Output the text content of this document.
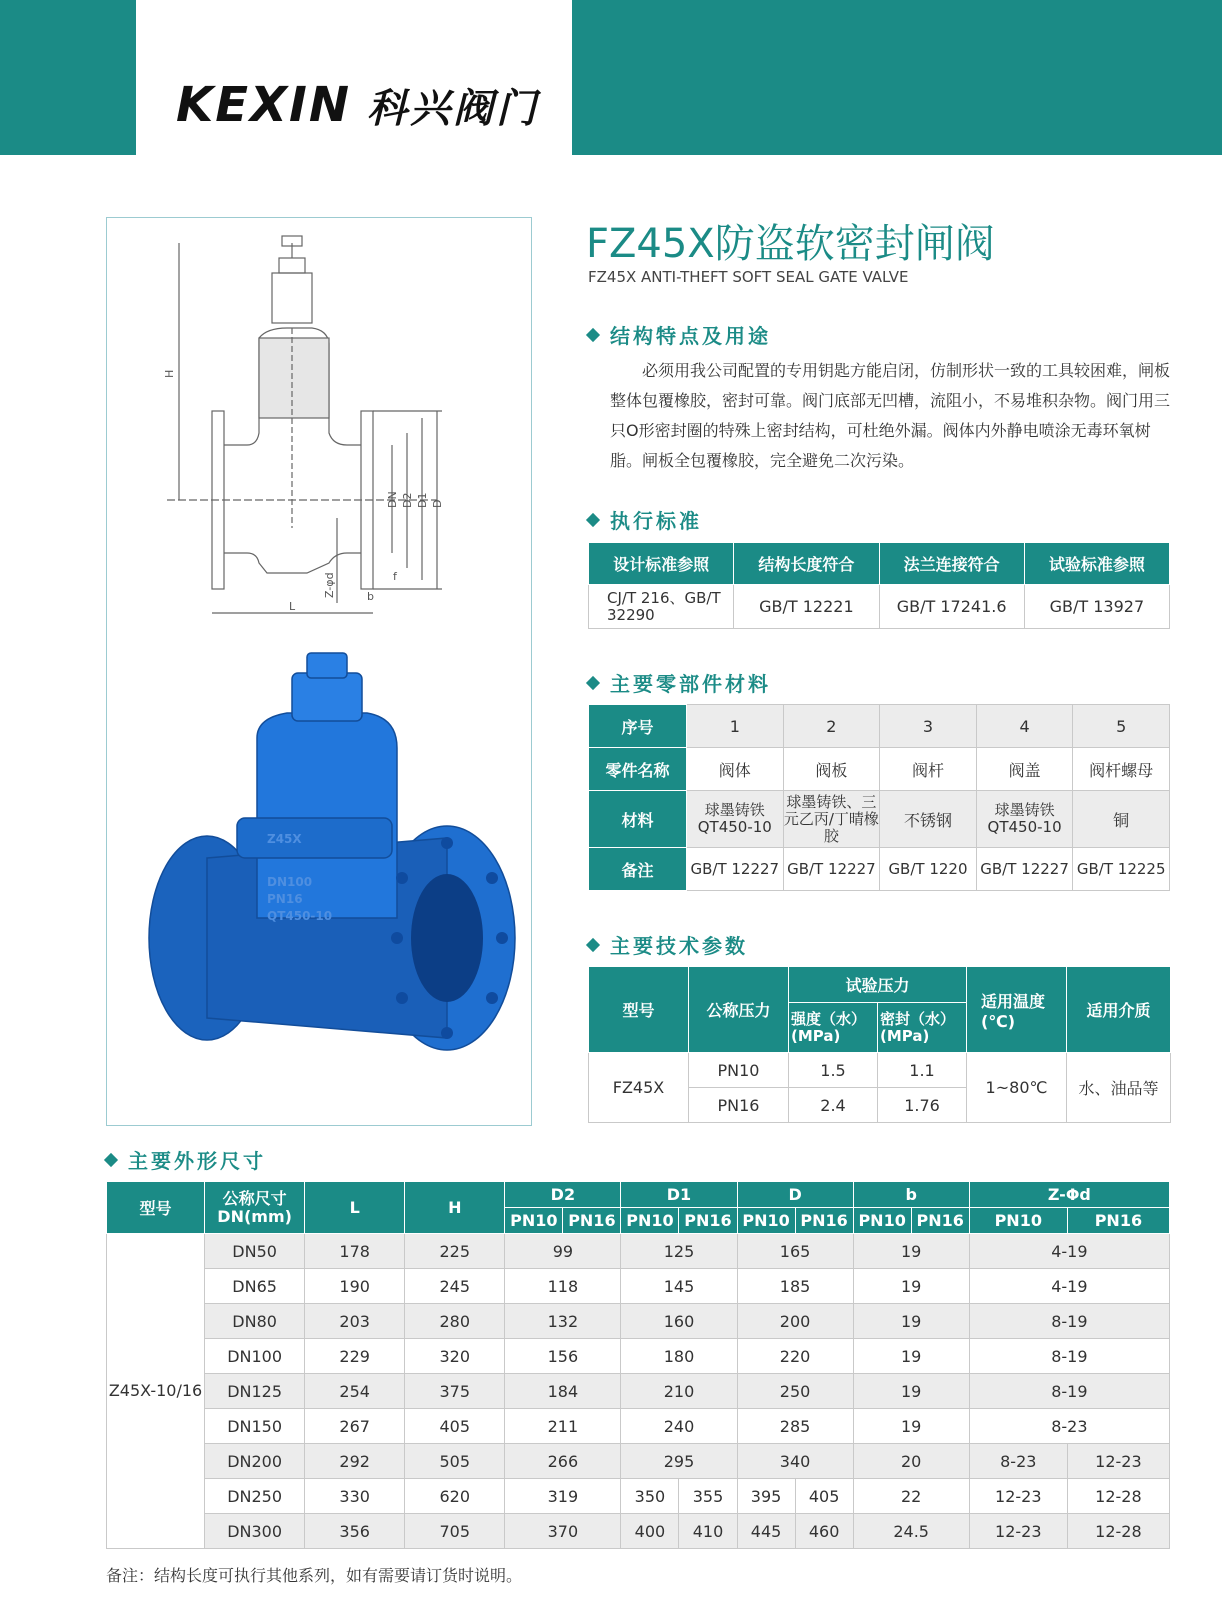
KEXIN 科兴阀门
H
DN D2 D1 D
Z-φd	b
f
L
Z45X
DN100
PN16
QT450-10
FZ45X防盗软密封闸阀
FZ45X ANTI-THEFT SOFT SEAL GATE VALVE
结构特点及用途

必须用我公司配置的专用钥匙方能启闭，仿制形状一致的工具较困难，闸板整体包覆橡胶，密封可靠。阀门底部无凹槽，流阻小，不易堆积杂物。阀门用三只O形密封圈的特殊上密封结构，可杜绝外漏。阀体内外静电喷涂无毒环氧树脂。闸板全包覆橡胶，完全避免二次污染。

执行标准
设计标准参照	结构长度符合	法兰连接符合	试验标准参照
CJ/T 216、GB/T 32290	GB/T 12221	GB/T 17241.6	GB/T 13927
主要零部件材料
序号	1	2	3	4	5
零件名称	阀体	阀板	阀杆	阀盖	阀杆螺母
材料	球墨铸铁QT450-10	球墨铸铁、三元乙丙/丁晴橡胶	不锈钢	球墨铸铁QT450-10	铜
备注	GB/T 12227	GB/T 12227	GB/T 1220	GB/T 12227	GB/T 12225
主要技术参数
型号	公称压力	试验压力		适用温度(℃)	适用介质
		强度（水）(MPa)	密封（水）(MPa)		
FZ45X	PN10	1.5	1.1	1~80℃	水、油品等
	PN16	2.4	1.76		
主要外形尺寸
型号	公称尺寸DN(mm)	L	H	D2		D1		D		b		Z-Φd	
				PN10	PN16	PN10	PN16	PN10	PN16	PN10	PN16	PN10	PN16
Z45X-10/16	DN50	178	225	99		125		165		19		4-19	
	DN65	190	245	118		145		185		19		4-19	
	DN80	203	280	132		160		200		19		8-19	
	DN100	229	320	156		180		220		19		8-19	
	DN125	254	375	184		210		250		19		8-19	
	DN150	267	405	211		240		285		19		8-23	
	DN200	292	505	266		295		340		20		8-23	12-23
	DN250	330	620	319		350	355	395	405	22		12-23	12-28
	DN300	356	705	370		400	410	445	460	24.5		12-23	12-28
备注：结构长度可执行其他系列，如有需要请订货时说明。
